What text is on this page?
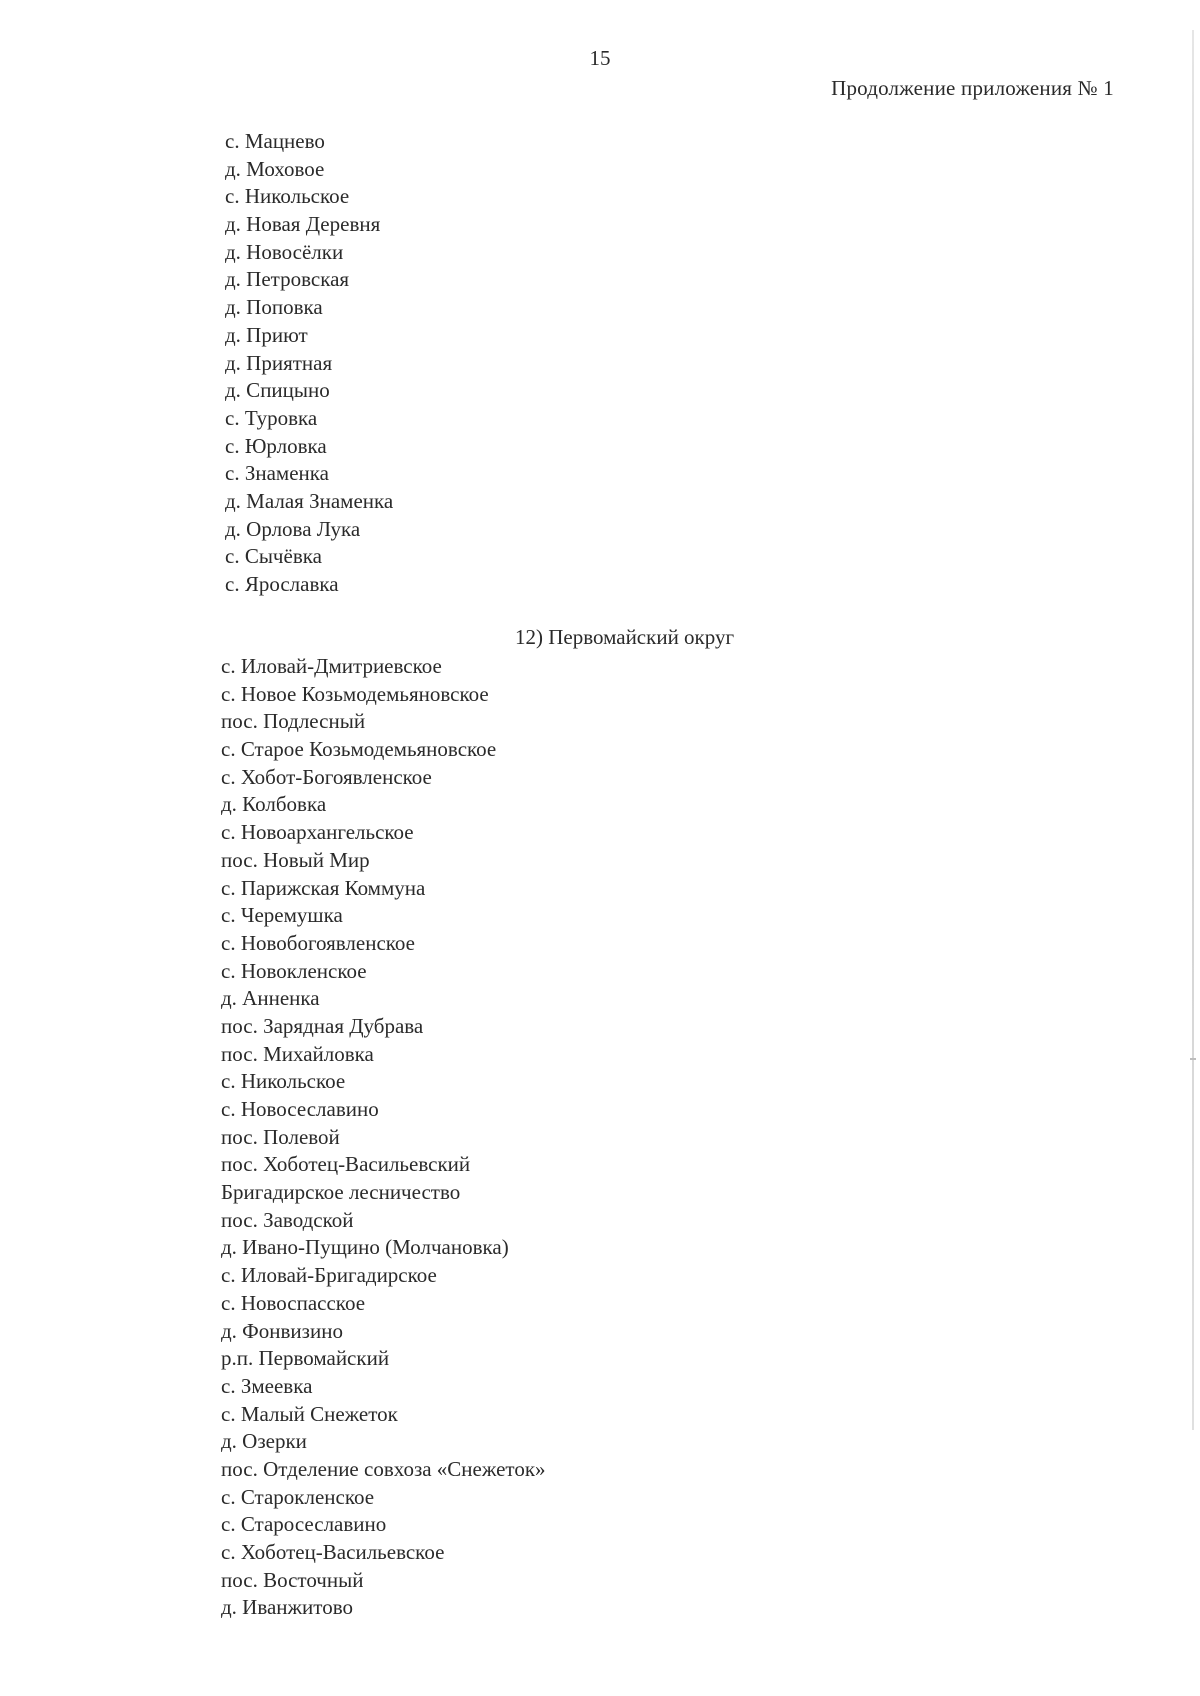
15
Продолжение приложения № 1
с. Мацнево
д. Моховое
с. Никольское
д. Новая Деревня
д. Новосёлки
д. Петровская
д. Поповка
д. Приют
д. Приятная
д. Спицыно
с. Туровка
с. Юрловка
с. Знаменка
д. Малая Знаменка
д. Орлова Лука
с. Сычёвка
с. Ярославка
12) Первомайский округ
с. Иловай-Дмитриевское
с. Новое Козьмодемьяновское
пос. Подлесный
с. Старое Козьмодемьяновское
с. Хобот-Богоявленское
д. Колбовка
с. Новоархангельское
пос. Новый Мир
с. Парижская Коммуна
с. Черемушка
с. Новобогоявленское
с. Новокленское
д. Анненка
пос. Зарядная Дубрава
пос. Михайловка
с. Никольское
с. Новосеславино
пос. Полевой
пос. Хоботец-Васильевский
Бригадирское лесничество
пос. Заводской
д. Ивано-Пущино (Молчановка)
с. Иловай-Бригадирское
с. Новоспасское
д. Фонвизино
р.п. Первомайский
с. Змеевка
с. Малый Снежеток
д. Озерки
пос. Отделение совхоза «Снежеток»
с. Старокленское
с. Старосеславино
с. Хоботец-Васильевское
пос. Восточный
д. Иванжитово
